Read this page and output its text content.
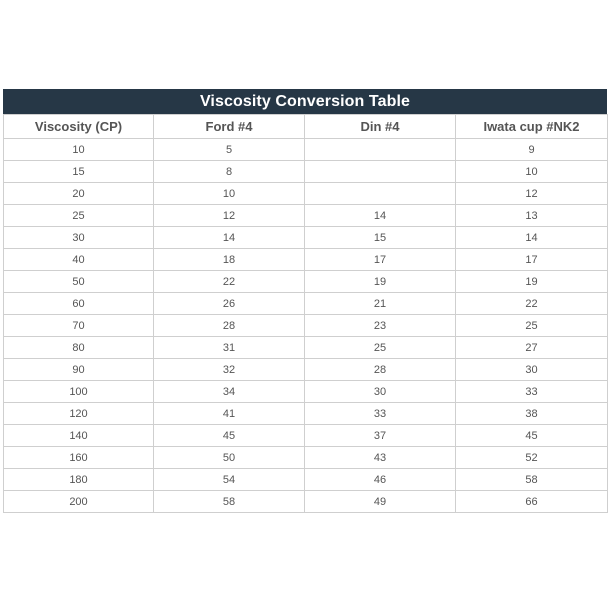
Viscosity Conversion Table
Viscosity (CP)	Ford #4	Din #4	Iwata cup #NK2
10	5		9
15	8		10
20	10		12
25	12	14	13
30	14	15	14
40	18	17	17
50	22	19	19
60	26	21	22
70	28	23	25
80	31	25	27
90	32	28	30
100	34	30	33
120	41	33	38
140	45	37	45
160	50	43	52
180	54	46	58
200	58	49	66
